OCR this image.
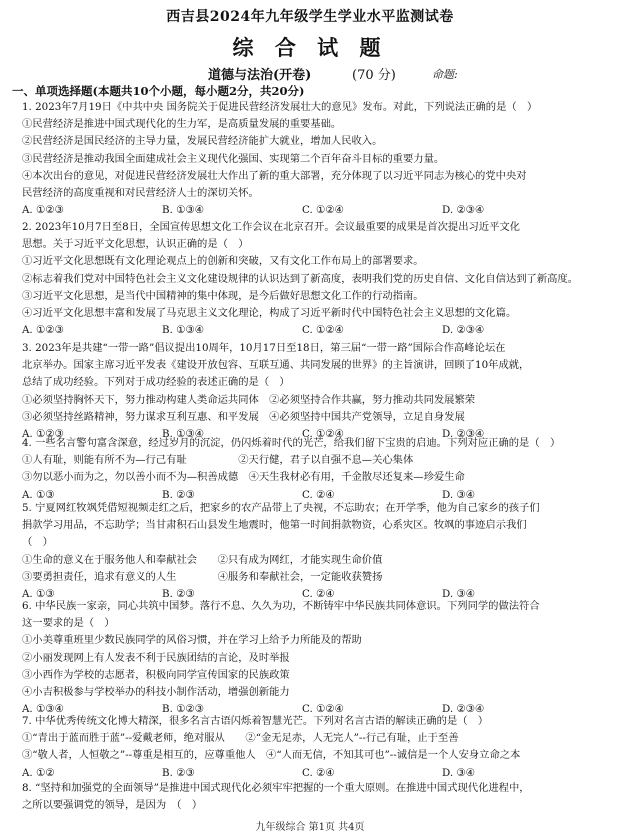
西吉县2024年九年级学生学业水平监测试卷
综 合 试 题
道德与法治(开卷)	(70 分)	命题:
一、单项选择题(本题共10个小题，每小题2分，共20分)
1. 2023年7月19日《中共中央 国务院关于促进民营经济发展壮大的意见》发布。对此，下列说法正确的是（　）
①民营经济是推进中国式现代化的生力军，是高质量发展的重要基础。
②民营经济是国民经济的主导力量，发展民营经济能扩大就业，增加人民收入。
③民营经济是推动我国全面建成社会主义现代化强国、实现第二个百年奋斗目标的重要力量。
④本次出台的意见，对促进民营经济发展壮大作出了新的重大部署，充分体现了以习近平同志为核心的党中央对
民营经济的高度重视和对民营经济人士的深切关怀。
A. ①②③	B. ①③④	C. ①②④	D. ②③④
2. 2023年10月7日至8日，全国宣传思想文化工作会议在北京召开。会议最重要的成果是首次提出习近平文化
思想。关于习近平文化思想，认识正确的是（　）
①习近平文化思想既有文化理论观点上的创新和突破，又有文化工作布局上的部署要求。
②标志着我们党对中国特色社会主义文化建设规律的认识达到了新高度，表明我们党的历史自信、文化自信达到了新高度。
③习近平文化思想，是当代中国精神的集中体现，是今后做好思想文化工作的行动指南。
④习近平文化思想丰富和发展了马克思主义文化理论，构成了习近平新时代中国特色社会主义思想的文化篇。
A. ①②③	B. ①③④	C. ①②④	D. ②③④
3. 2023年是共建“一带一路”倡议提出10周年，10月17日至18日，第三届“一带一路”国际合作高峰论坛在
北京举办。国家主席习近平发表《建设开放包容、互联互通、共同发展的世界》的主旨演讲，回顾了10年成就，
总结了成功经验。下列对于成功经验的表述正确的是（　）
①必须坚持胸怀天下，努力推动构建人类命运共同体　②必须坚持合作共赢，努力推动共同发展繁荣
③必须坚持丝路精神，努力谋求互利互惠、和平发展　④必须坚持中国共产党领导，立足自身发展
A. ①②③	B. ①③④	C. ①②④	D. ②③④
4. 一些名言警句富含深意，经过岁月的沉淀，仍闪烁着时代的光芒，给我们留下宝贵的启迪。下列对应正确的是（　）
①人有耻，则能有所不为—行己有耻　　　　　②天行健，君子以自强不息—关心集体
③勿以恶小而为之，勿以善小而不为—积善成德　④天生我材必有用，千金散尽还复来—珍爱生命
A. ①③	B. ②③	C. ②④	D. ③④
5. 宁夏网红牧飒凭借短视频走红之后，把家乡的农产品带上了央视，不忘助农；在开学季，他为自己家乡的孩子们
捐款学习用品，不忘助学；当甘肃积石山县发生地震时，他第一时间捐款物资，心系灾区。牧飒的事迹启示我们
（　）
①生命的意义在于服务他人和奉献社会　　②只有成为网红，才能实现生命价值
③要勇担责任，追求有意义的人生　　　　④服务和奉献社会，一定能收获赞扬
A. ①③	B. ②③	C. ②④	D. ③④
6. 中华民族一家亲，同心共筑中国梦。落行不息、久久为功，不断铸牢中华民族共同体意识。下列同学的做法符合
这一要求的是（　）
①小美尊重班里少数民族同学的风俗习惯，并在学习上给予力所能及的帮助
②小丽发现网上有人发表不利于民族团结的言论，及时举报
③小西作为学校的志愿者，积极向同学宣传国家的民族政策
④小吉积极参与学校举办的科技小制作活动，增强创新能力
A. ①③④	B. ①②③	C. ①②④	D. ②③④
7. 中华优秀传统文化博大精深，很多名言古语闪烁着智慧光芒。下列对名言古语的解读正确的是（　）
①“青出于蓝而胜于蓝”--爱戴老师，绝对服从　　②“金无足赤，人无完人”--行己有耻，止于至善
③“敬人者，人恒敬之”--尊重是相互的，应尊重他人　④“人而无信，不知其可也”--诚信是一个人安身立命之本
A. ①②	B. ②③	C. ②④	D. ③④
8. “坚持和加强党的全面领导”是推进中国式现代化必须牢牢把握的一个重大原则。在推进中国式现代化进程中，
之所以要强调党的领导，是因为　（　）
九年级综合 第1页 共4页
